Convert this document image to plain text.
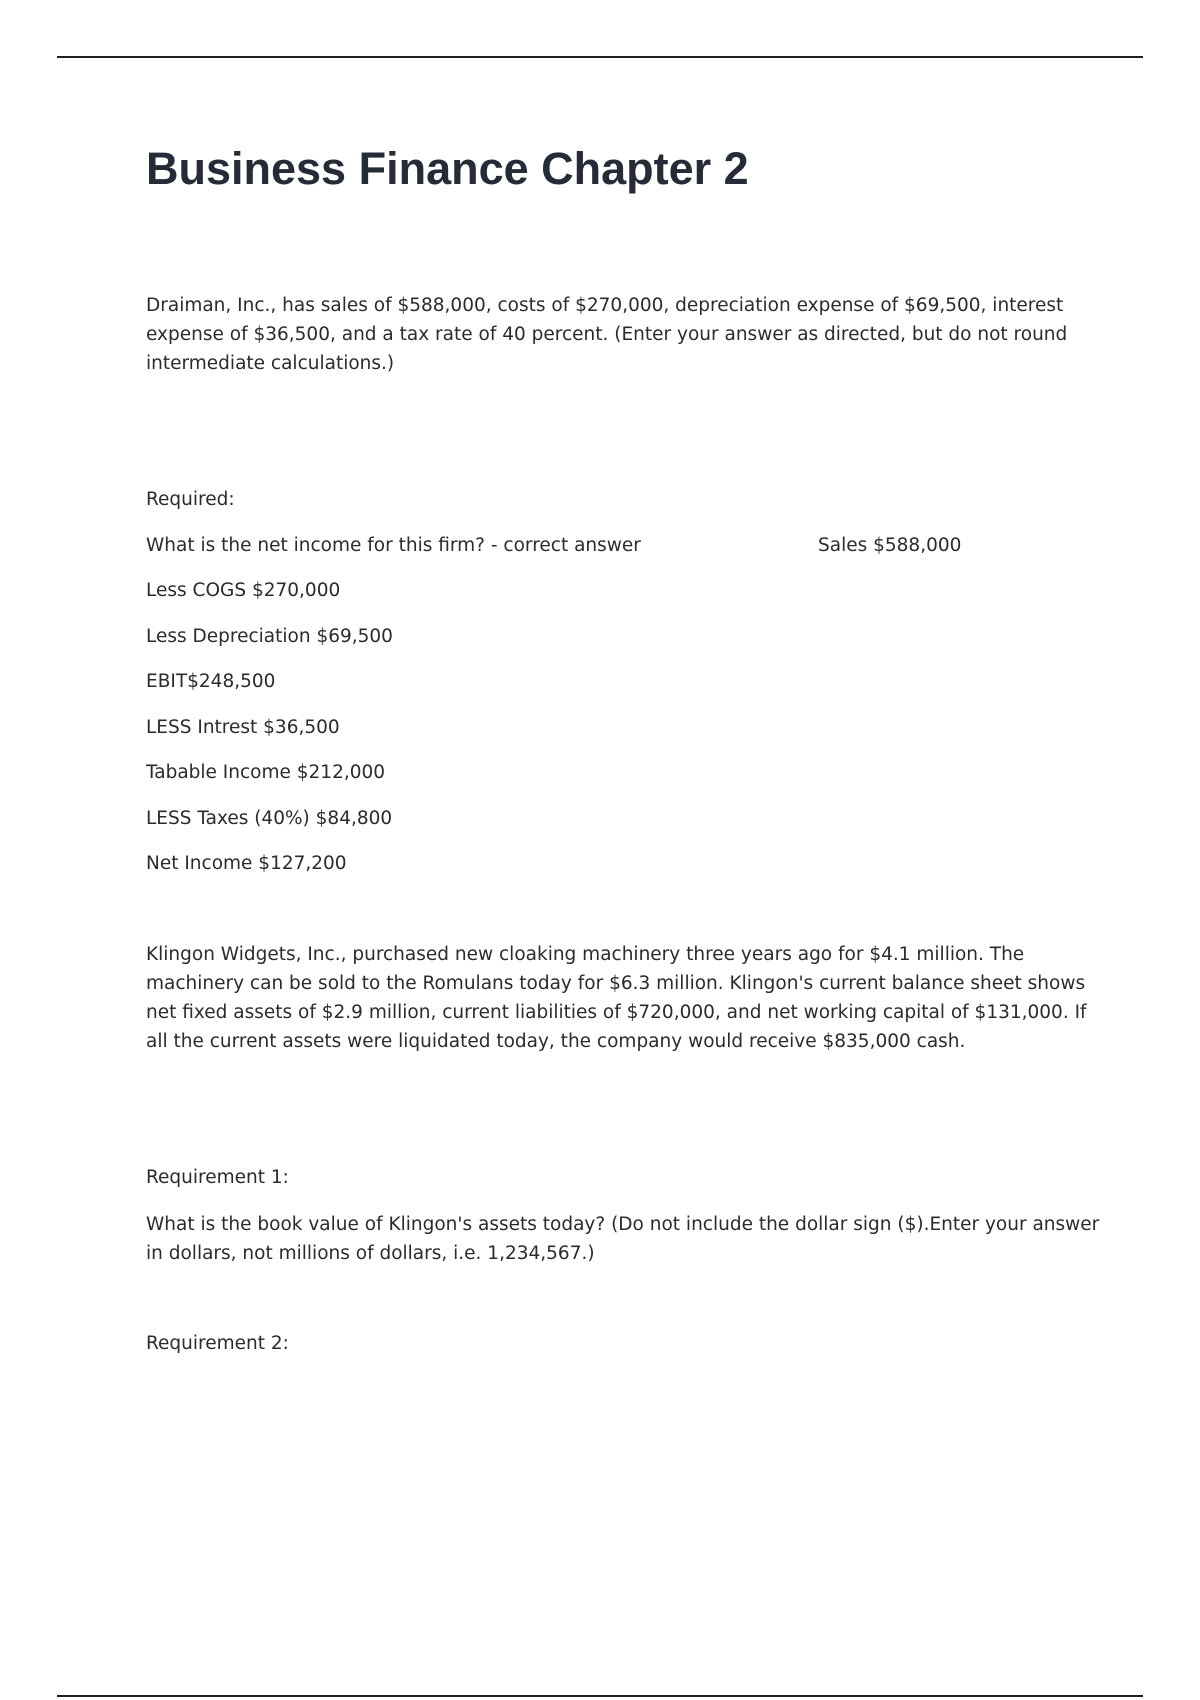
Business Finance Chapter 2

Draiman, Inc., has sales of $588,000, costs of $270,000, depreciation expense of $69,500, interest expense of $36,500, and a tax rate of 40 percent. (Enter your answer as directed, but do not round intermediate calculations.)

Required:

What is the net income for this firm? - correct answer	Sales $588,000

Less COGS $270,000

Less Depreciation $69,500

EBIT$248,500

LESS Intrest $36,500

Tabable Income $212,000

LESS Taxes (40%) $84,800

Net Income $127,200

Klingon Widgets, Inc., purchased new cloaking machinery three years ago for $4.1 million. The machinery can be sold to the Romulans today for $6.3 million. Klingon's current balance sheet shows net fixed assets of $2.9 million, current liabilities of $720,000, and net working capital of $131,000. If all the current assets were liquidated today, the company would receive $835,000 cash.

Requirement 1:

What is the book value of Klingon's assets today? (Do not include the dollar sign ($).Enter your answer in dollars, not millions of dollars, i.e. 1,234,567.)

Requirement 2:
